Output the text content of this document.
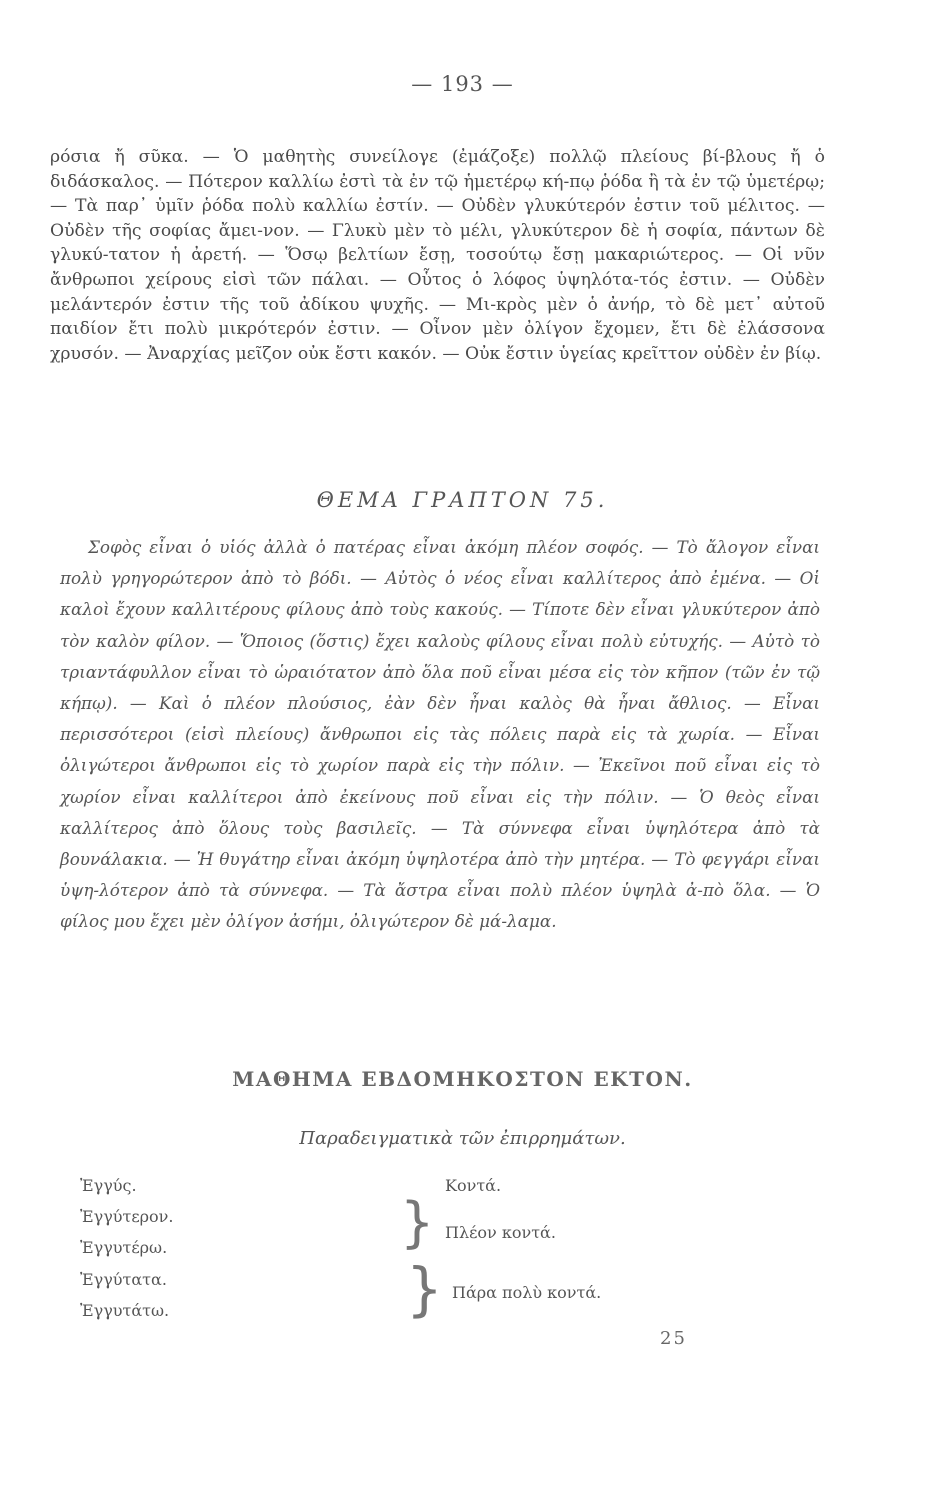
— 193 —

ρόσια ἤ σῦκα. — Ὁ μαθητὴς συνείλογε (ἐμάζοξε) πολλῷ πλείους βί-βλους ἤ ὁ διδάσκαλος. — Πότερον καλλίω ἐστὶ τὰ ἐν τῷ ἡμετέρῳ κή-πῳ ῥόδα ἢ τὰ ἐν τῷ ὑμετέρῳ; — Τὰ παρ᾽ ὑμῖν ῥόδα πολὺ καλλίω ἐστίν. — Οὐδὲν γλυκύτερόν ἐστιν τοῦ μέλιτος. — Οὐδὲν τῆς σοφίας ἄμει-νον. — Γλυκὺ μὲν τὸ μέλι, γλυκύτερον δὲ ἡ σοφία, πάντων δὲ γλυκύ-τατον ἡ ἀρετή. — Ὅσῳ βελτίων ἔσῃ, τοσούτῳ ἔσῃ μακαριώτερος. — Οἱ νῦν ἄνθρωποι χείρους εἰσὶ τῶν πάλαι. — Οὗτος ὁ λόφος ὑψηλότα-τός ἐστιν. — Οὐδὲν μελάντερόν ἐστιν τῆς τοῦ ἀδίκου ψυχῆς. — Μι-κρὸς μὲν ὁ ἀνήρ, τὸ δὲ μετ᾽ αὐτοῦ παιδίον ἔτι πολὺ μικρότερόν ἐστιν. — Οἶνον μὲν ὀλίγον ἔχομεν, ἔτι δὲ ἐλάσσονα χρυσόν. — Ἀναρχίας μεῖζον οὐκ ἔστι κακόν. — Οὐκ ἔστιν ὑγείας κρεῖττον οὐδὲν ἐν βίῳ.

ΘΕΜΑ ΓΡΑΠΤΟΝ 75.

Σοφὸς εἶναι ὁ υἱός ἀλλὰ ὁ πατέρας εἶναι ἀκόμη πλέον σοφός. — Τὸ ἄλογον εἶναι πολὺ γρηγορώτερον ἀπὸ τὸ βόδι. — Αὐτὸς ὁ νέος εἶναι καλλίτερος ἀπὸ ἐμένα. — Οἱ καλοὶ ἔχουν καλλιτέρους φίλους ἀπὸ τοὺς κακούς. — Τίποτε δὲν εἶναι γλυκύτερον ἀπὸ τὸν καλὸν φίλον. — Ὅποιος (ὅστις) ἔχει καλοὺς φίλους εἶναι πολὺ εὐτυχής. — Αὐτὸ τὸ τριαντάφυλλον εἶναι τὸ ὡραιότατον ἀπὸ ὅλα ποῦ εἶναι μέσα εἰς τὸν κῆπον (τῶν ἐν τῷ κήπῳ). — Καὶ ὁ πλέον πλούσιος, ἐὰν δὲν ἦναι καλὸς θὰ ἦναι ἄθλιος. — Εἶναι περισσότεροι (εἰσὶ πλείους) ἄνθρωποι εἰς τὰς πόλεις παρὰ εἰς τὰ χωρία. — Εἶναι ὀλιγώτεροι ἄνθρωποι εἰς τὸ χωρίον παρὰ εἰς τὴν πόλιν. — Ἐκεῖνοι ποῦ εἶναι εἰς τὸ χωρίον εἶναι καλλίτεροι ἀπὸ ἐκείνους ποῦ εἶναι εἰς τὴν πόλιν. — Ὁ θεὸς εἶναι καλλίτερος ἀπὸ ὅλους τοὺς βασιλεῖς. — Τὰ σύννεφα εἶναι ὑψηλότερα ἀπὸ τὰ βουνάλακια. — Ἡ θυγάτηρ εἶναι ἀκόμη ὑψηλοτέρα ἀπὸ τὴν μητέρα. — Τὸ φεγγάρι εἶναι ὑψη-λότερον ἀπὸ τὰ σύννεφα. — Τὰ ἄστρα εἶναι πολὺ πλέον ὑψηλὰ ἀ-πὸ ὅλα. — Ὁ φίλος μου ἔχει μὲν ὀλίγον ἀσήμι, ὀλιγώτερον δὲ μά-λαμα.

ΜΑΘΗΜΑ ΕΒΔΟΜΗΚΟΣΤΟΝ ΕΚΤΟΝ.
Παραδειγματικὰ τῶν ἐπιρρημάτων.
Ἐγγύς.
Ἐγγύτερον.
Ἐγγυτέρω.
Ἐγγύτατα.
Ἐγγυτάτω.
Κοντά.
} Πλέον κοντά.
} Πάρα πολὺ κοντά.
25
